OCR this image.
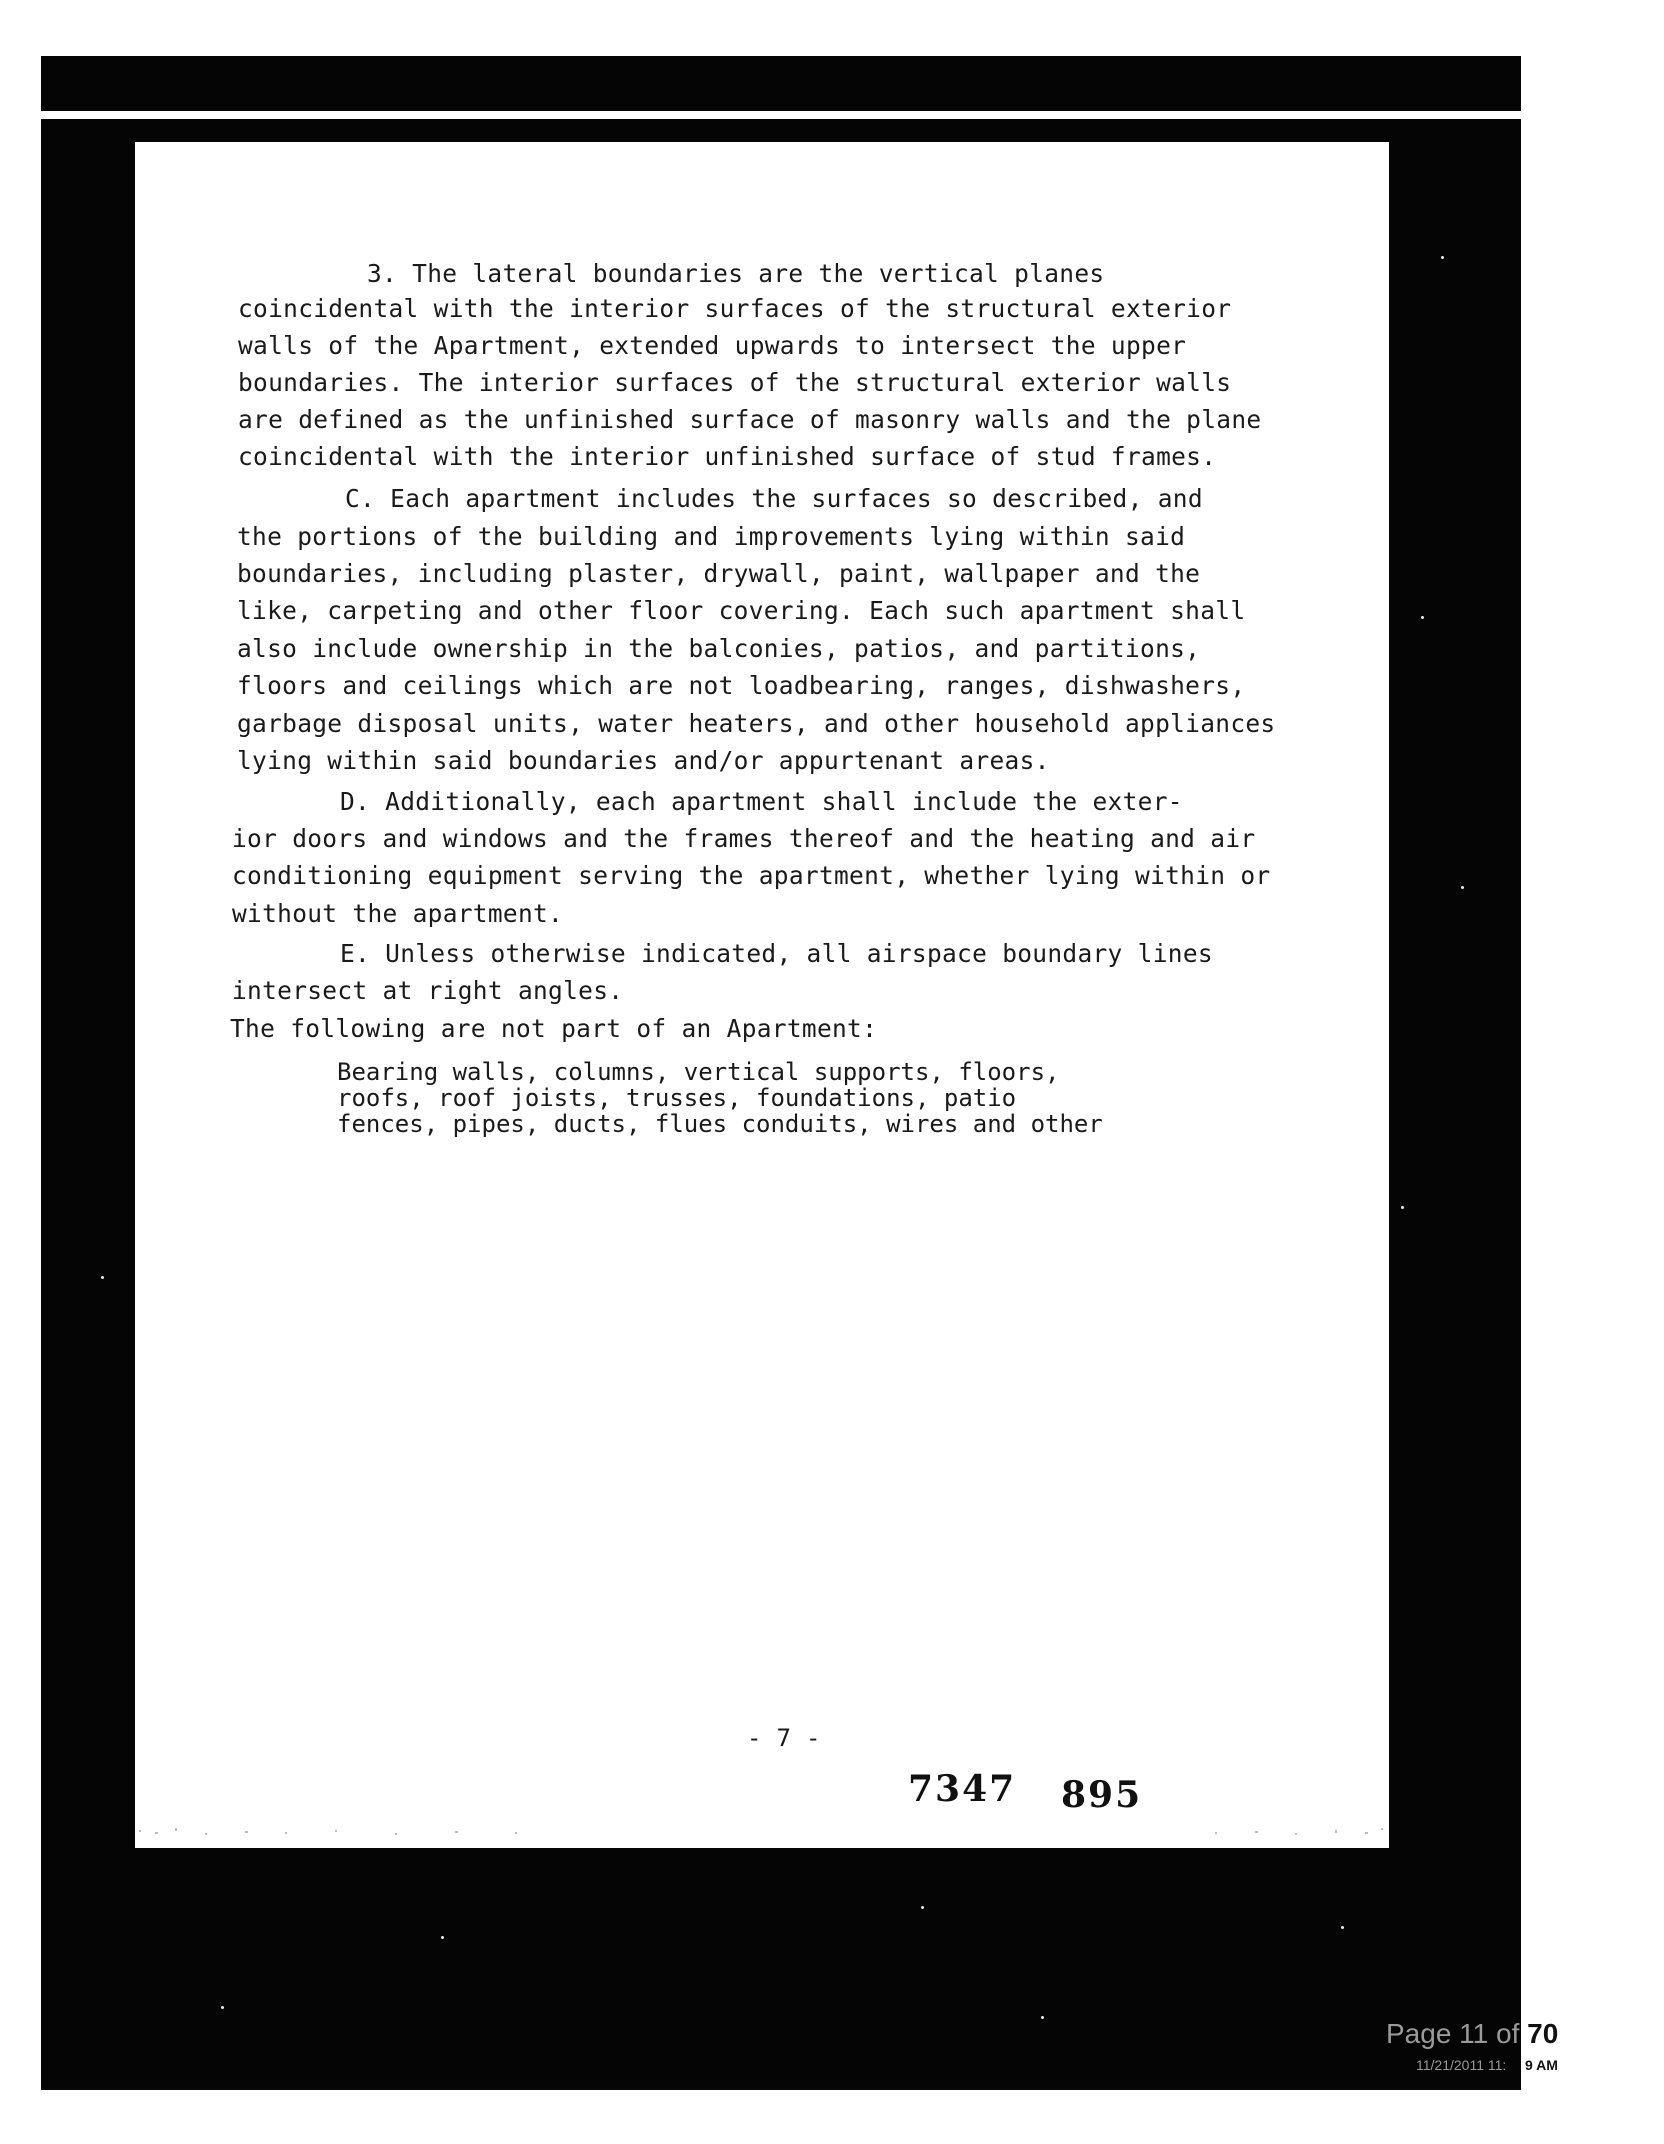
3. The lateral boundaries are the vertical planes
coincidental with the interior surfaces of the structural exterior
walls of the Apartment, extended upwards to intersect the upper
boundaries. The interior surfaces of the structural exterior walls
are defined as the unfinished surface of masonry walls and the plane
coincidental with the interior unfinished surface of stud frames.
C. Each apartment includes the surfaces so described, and
the portions of the building and improvements lying within said
boundaries, including plaster, drywall, paint, wallpaper and the
like, carpeting and other floor covering. Each such apartment shall
also include ownership in the balconies, patios, and partitions,
floors and ceilings which are not loadbearing, ranges, dishwashers,
garbage disposal units, water heaters, and other household appliances
lying within said boundaries and/or appurtenant areas.
D. Additionally, each apartment shall include the exter-
ior doors and windows and the frames thereof and the heating and air
conditioning equipment serving the apartment, whether lying within or
without the apartment.
E. Unless otherwise indicated, all airspace boundary lines
intersect at right angles.
The following are not part of an Apartment:
Bearing walls, columns, vertical supports, floors,
roofs, roof joists, trusses, foundations, patio
fences, pipes, ducts, flues conduits, wires and other
- 7 -
7347 895
Page 11 of 70
11/21/2011 11: 9 AM
